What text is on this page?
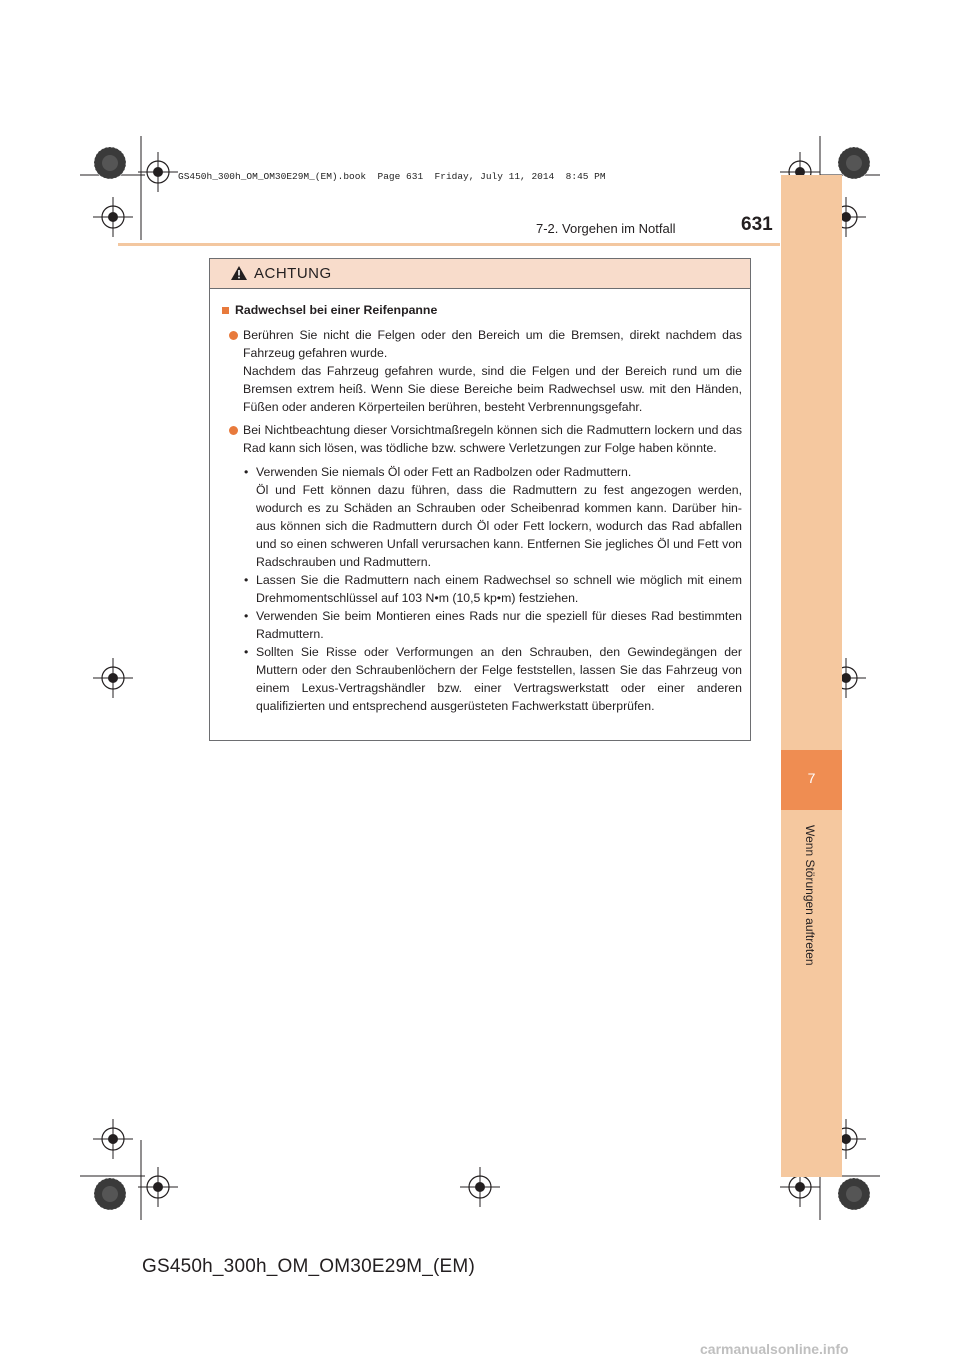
GS450h_300h_OM_OM30E29M_(EM).book  Page 631  Friday, July 11, 2014  8:45 PM
7-2. Vorgehen im Notfall	631
7
Wenn Störungen auftreten
ACHTUNG
Radwechsel bei einer Reifenpanne
Berühren Sie nicht die Felgen oder den Bereich um die Bremsen, direkt nachdem das Fahrzeug gefahren wurde.
Nachdem das Fahrzeug gefahren wurde, sind die Felgen und der Bereich rund um die Bremsen extrem heiß. Wenn Sie diese Bereiche beim Radwechsel usw. mit den Händen, Füßen oder anderen Körperteilen berühren, besteht Verbrennungsgefahr.
Bei Nichtbeachtung dieser Vorsichtmaßregeln können sich die Radmuttern lockern und das Rad kann sich lösen, was tödliche bzw. schwere Verletzungen zur Folge haben könnte.
• Verwenden Sie niemals Öl oder Fett an Radbolzen oder Radmuttern.
Öl und Fett können dazu führen, dass die Radmuttern zu fest angezogen werden, wodurch es zu Schäden an Schrauben oder Scheibenrad kommen kann. Darüber hin-aus können sich die Radmuttern durch Öl oder Fett lockern, wodurch das Rad abfallen und so einen schweren Unfall verursachen kann. Entfernen Sie jegliches Öl und Fett von Radschrauben und Radmuttern.
• Lassen Sie die Radmuttern nach einem Radwechsel so schnell wie möglich mit einem Drehmomentschlüssel auf 103 N•m (10,5 kp•m) festziehen.
• Verwenden Sie beim Montieren eines Rads nur die speziell für dieses Rad bestimmten Radmuttern.
• Sollten Sie Risse oder Verformungen an den Schrauben, den Gewindegängen der Muttern oder den Schraubenlöchern der Felge feststellen, lassen Sie das Fahrzeug von einem Lexus-Vertragshändler bzw. einer Vertragswerkstatt oder einer anderen qualifizierten und entsprechend ausgerüsteten Fachwerkstatt überprüfen.
GS450h_300h_OM_OM30E29M_(EM)
carmanualsonline.info
